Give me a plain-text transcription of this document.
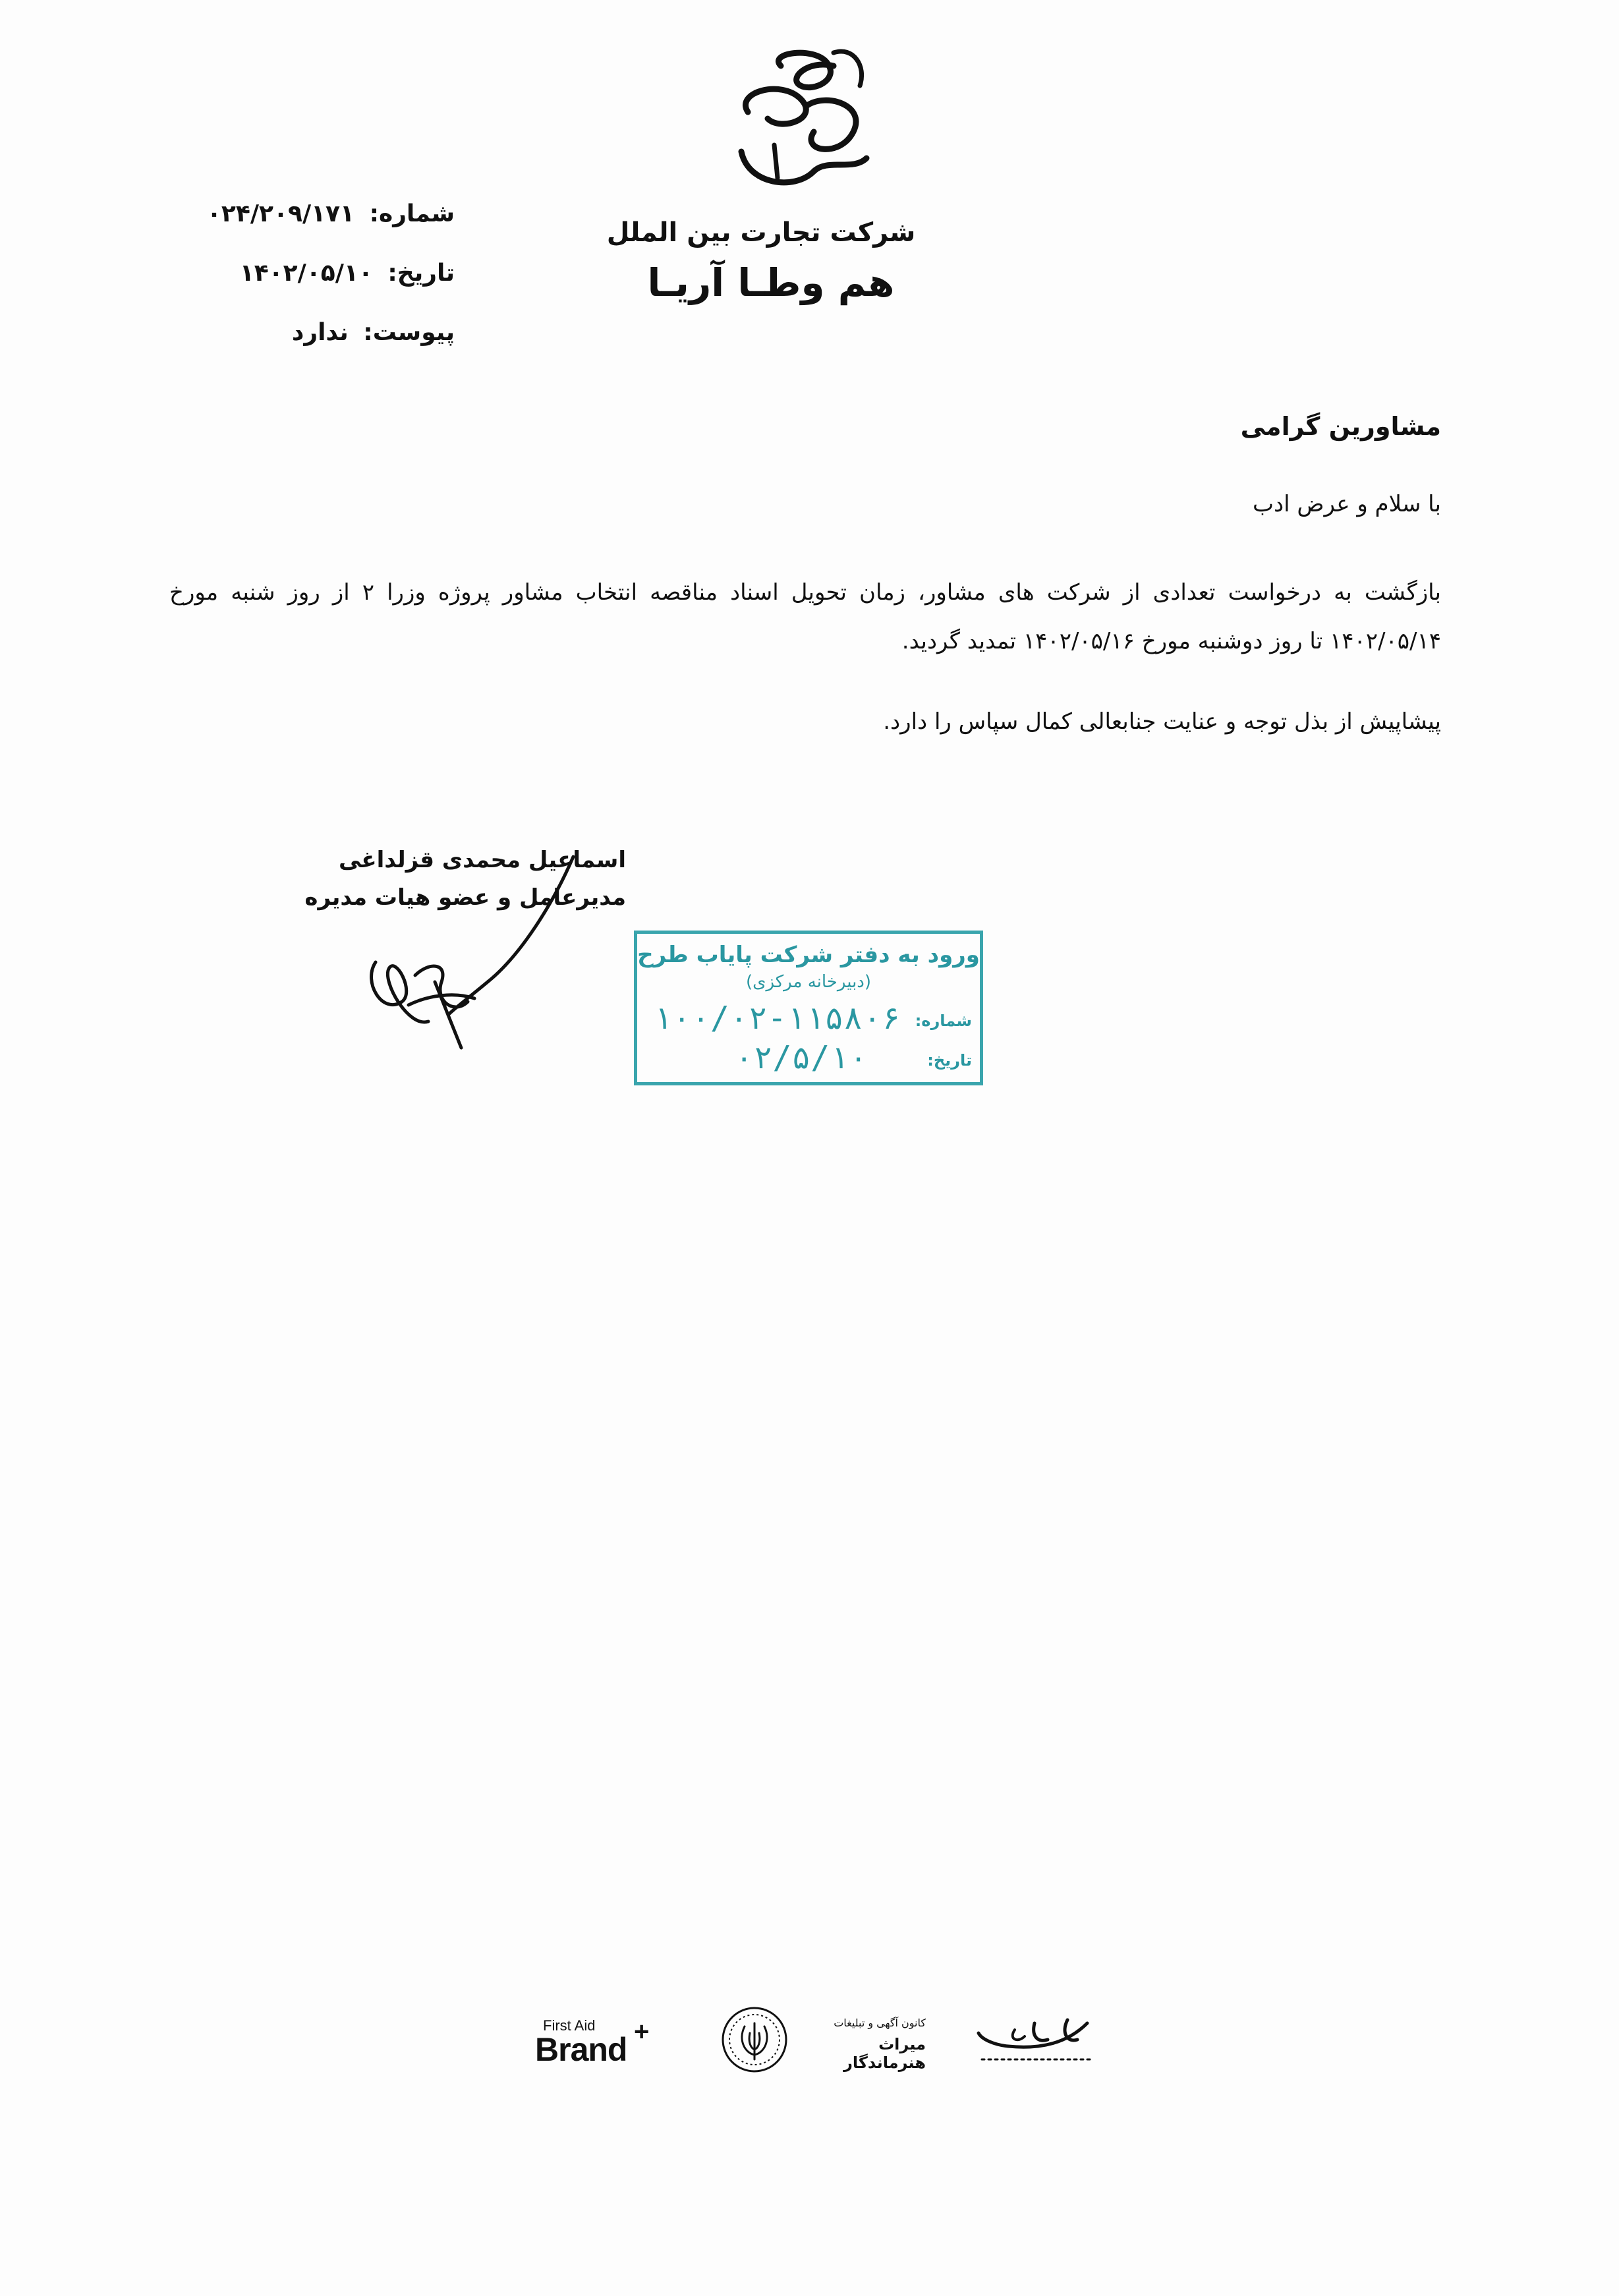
شرکت تجارت بین الملل
هم وطـا آریـا
شماره: ۰۲۴/۲۰۹/۱۷۱
تاریخ: ۱۴۰۲/۰۵/۱۰
پیوست: ندارد
مشاورین گرامی
با سلام و عرض ادب
بازگشت به درخواست تعدادی از شرکت های مشاور، زمان تحویل اسناد مناقصه انتخاب مشاور پروژه وزرا ۲ از روز شنبه مورخ ۱۴۰۲/۰۵/۱۴ تا روز دوشنبه مورخ ۱۴۰۲/۰۵/۱۶ تمدید گردید.
پیشاپیش از بذل توجه و عنایت جنابعالی کمال سپاس را دارد.
اسماعیل محمدی قزلداغی
مدیرعامل و عضو هیات مدیره
ورود به دفتر شرکت پایاب طرح
(دبیرخانه مرکزی)
شماره:
۱۰۰/۰۲-۱۱۵۸۰۶
تاریخ:
۰۲/۵/۱۰
First Aid
Brand +	کانون آگهی و تبلیغات
میراث هنرماندگار
